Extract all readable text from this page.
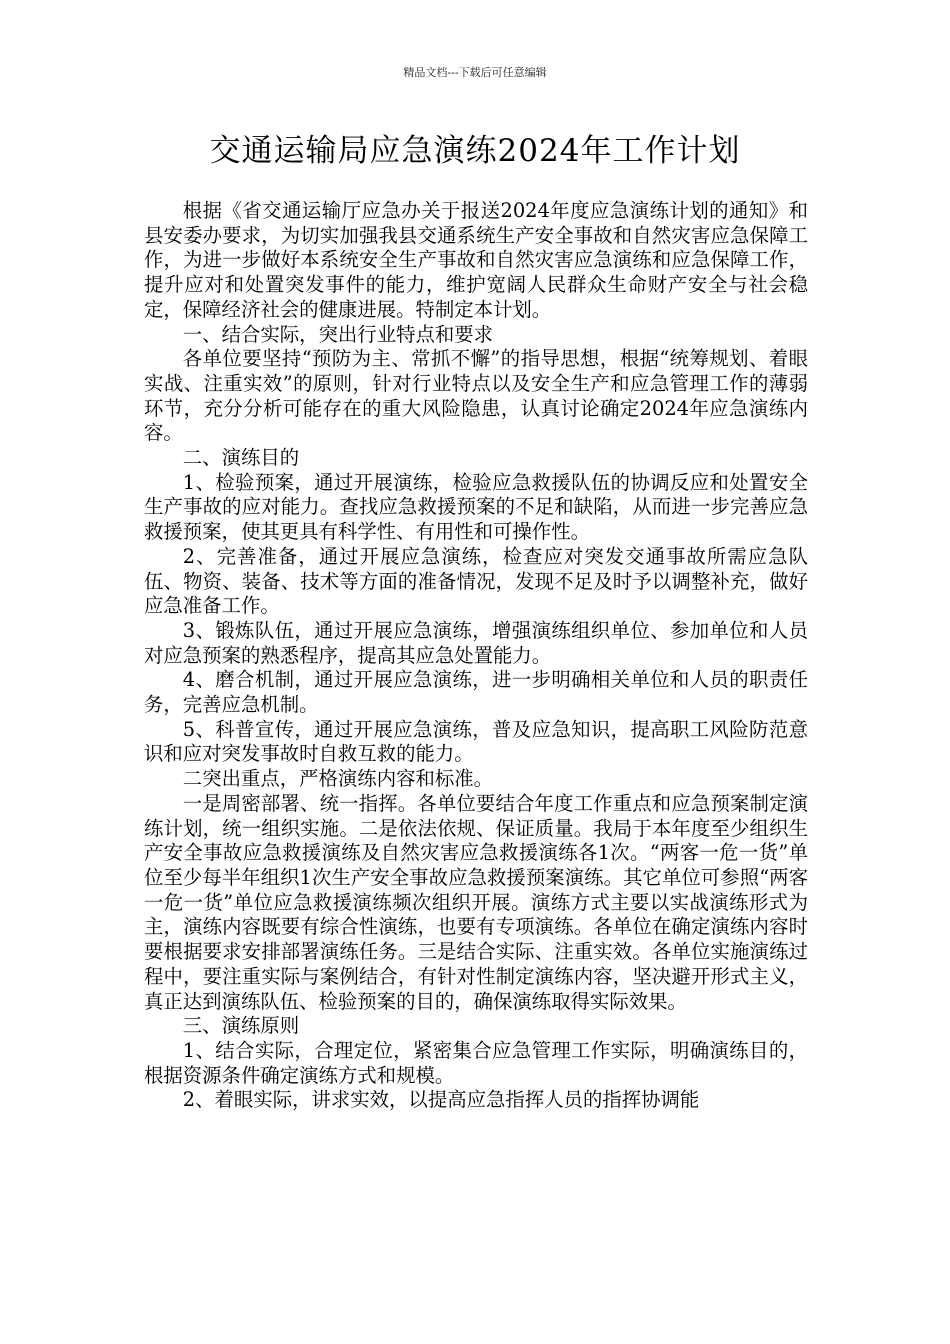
精品文档---下载后可任意编辑
交通运输局应急演练2024年工作计划

根据《省交通运输厅应急办关于报送2024年度应急演练计划的通知》和县安委办要求，为切实加强我县交通系统生产安全事故和自然灾害应急保障工作，为进一步做好本系统安全生产事故和自然灾害应急演练和应急保障工作，提升应对和处置突发事件的能力，维护宽阔人民群众生命财产安全与社会稳定，保障经济社会的健康进展。特制定本计划。

一、结合实际，突出行业特点和要求

各单位要坚持“预防为主、常抓不懈”的指导思想，根据“统筹规划、着眼实战、注重实效”的原则，针对行业特点以及安全生产和应急管理工作的薄弱环节，充分分析可能存在的重大风险隐患，认真讨论确定2024年应急演练内容。

二、演练目的

1、检验预案，通过开展演练，检验应急救援队伍的协调反应和处置安全生产事故的应对能力。查找应急救援预案的不足和缺陷，从而进一步完善应急救援预案，使其更具有科学性、有用性和可操作性。

2、完善准备，通过开展应急演练，检查应对突发交通事故所需应急队伍、物资、装备、技术等方面的准备情况，发现不足及时予以调整补充，做好应急准备工作。

3、锻炼队伍，通过开展应急演练，增强演练组织单位、参加单位和人员对应急预案的熟悉程序，提高其应急处置能力。

4、磨合机制，通过开展应急演练，进一步明确相关单位和人员的职责任务，完善应急机制。

5、科普宣传，通过开展应急演练，普及应急知识，提高职工风险防范意识和应对突发事故时自救互救的能力。

二突出重点，严格演练内容和标准。

一是周密部署、统一指挥。各单位要结合年度工作重点和应急预案制定演练计划，统一组织实施。二是依法依规、保证质量。我局于本年度至少组织生产安全事故应急救援演练及自然灾害应急救援演练各1次。“两客一危一货”单位至少每半年组织1次生产安全事故应急救援预案演练。其它单位可参照“两客一危一货”单位应急救援演练频次组织开展。演练方式主要以实战演练形式为主，演练内容既要有综合性演练，也要有专项演练。各单位在确定演练内容时要根据要求安排部署演练任务。三是结合实际、注重实效。各单位实施演练过程中，要注重实际与案例结合，有针对性制定演练内容，坚决避开形式主义，真正达到演练队伍、检验预案的目的，确保演练取得实际效果。

三、演练原则

1、结合实际，合理定位，紧密集合应急管理工作实际，明确演练目的，根据资源条件确定演练方式和规模。

2、着眼实际，讲求实效，以提高应急指挥人员的指挥协调能
